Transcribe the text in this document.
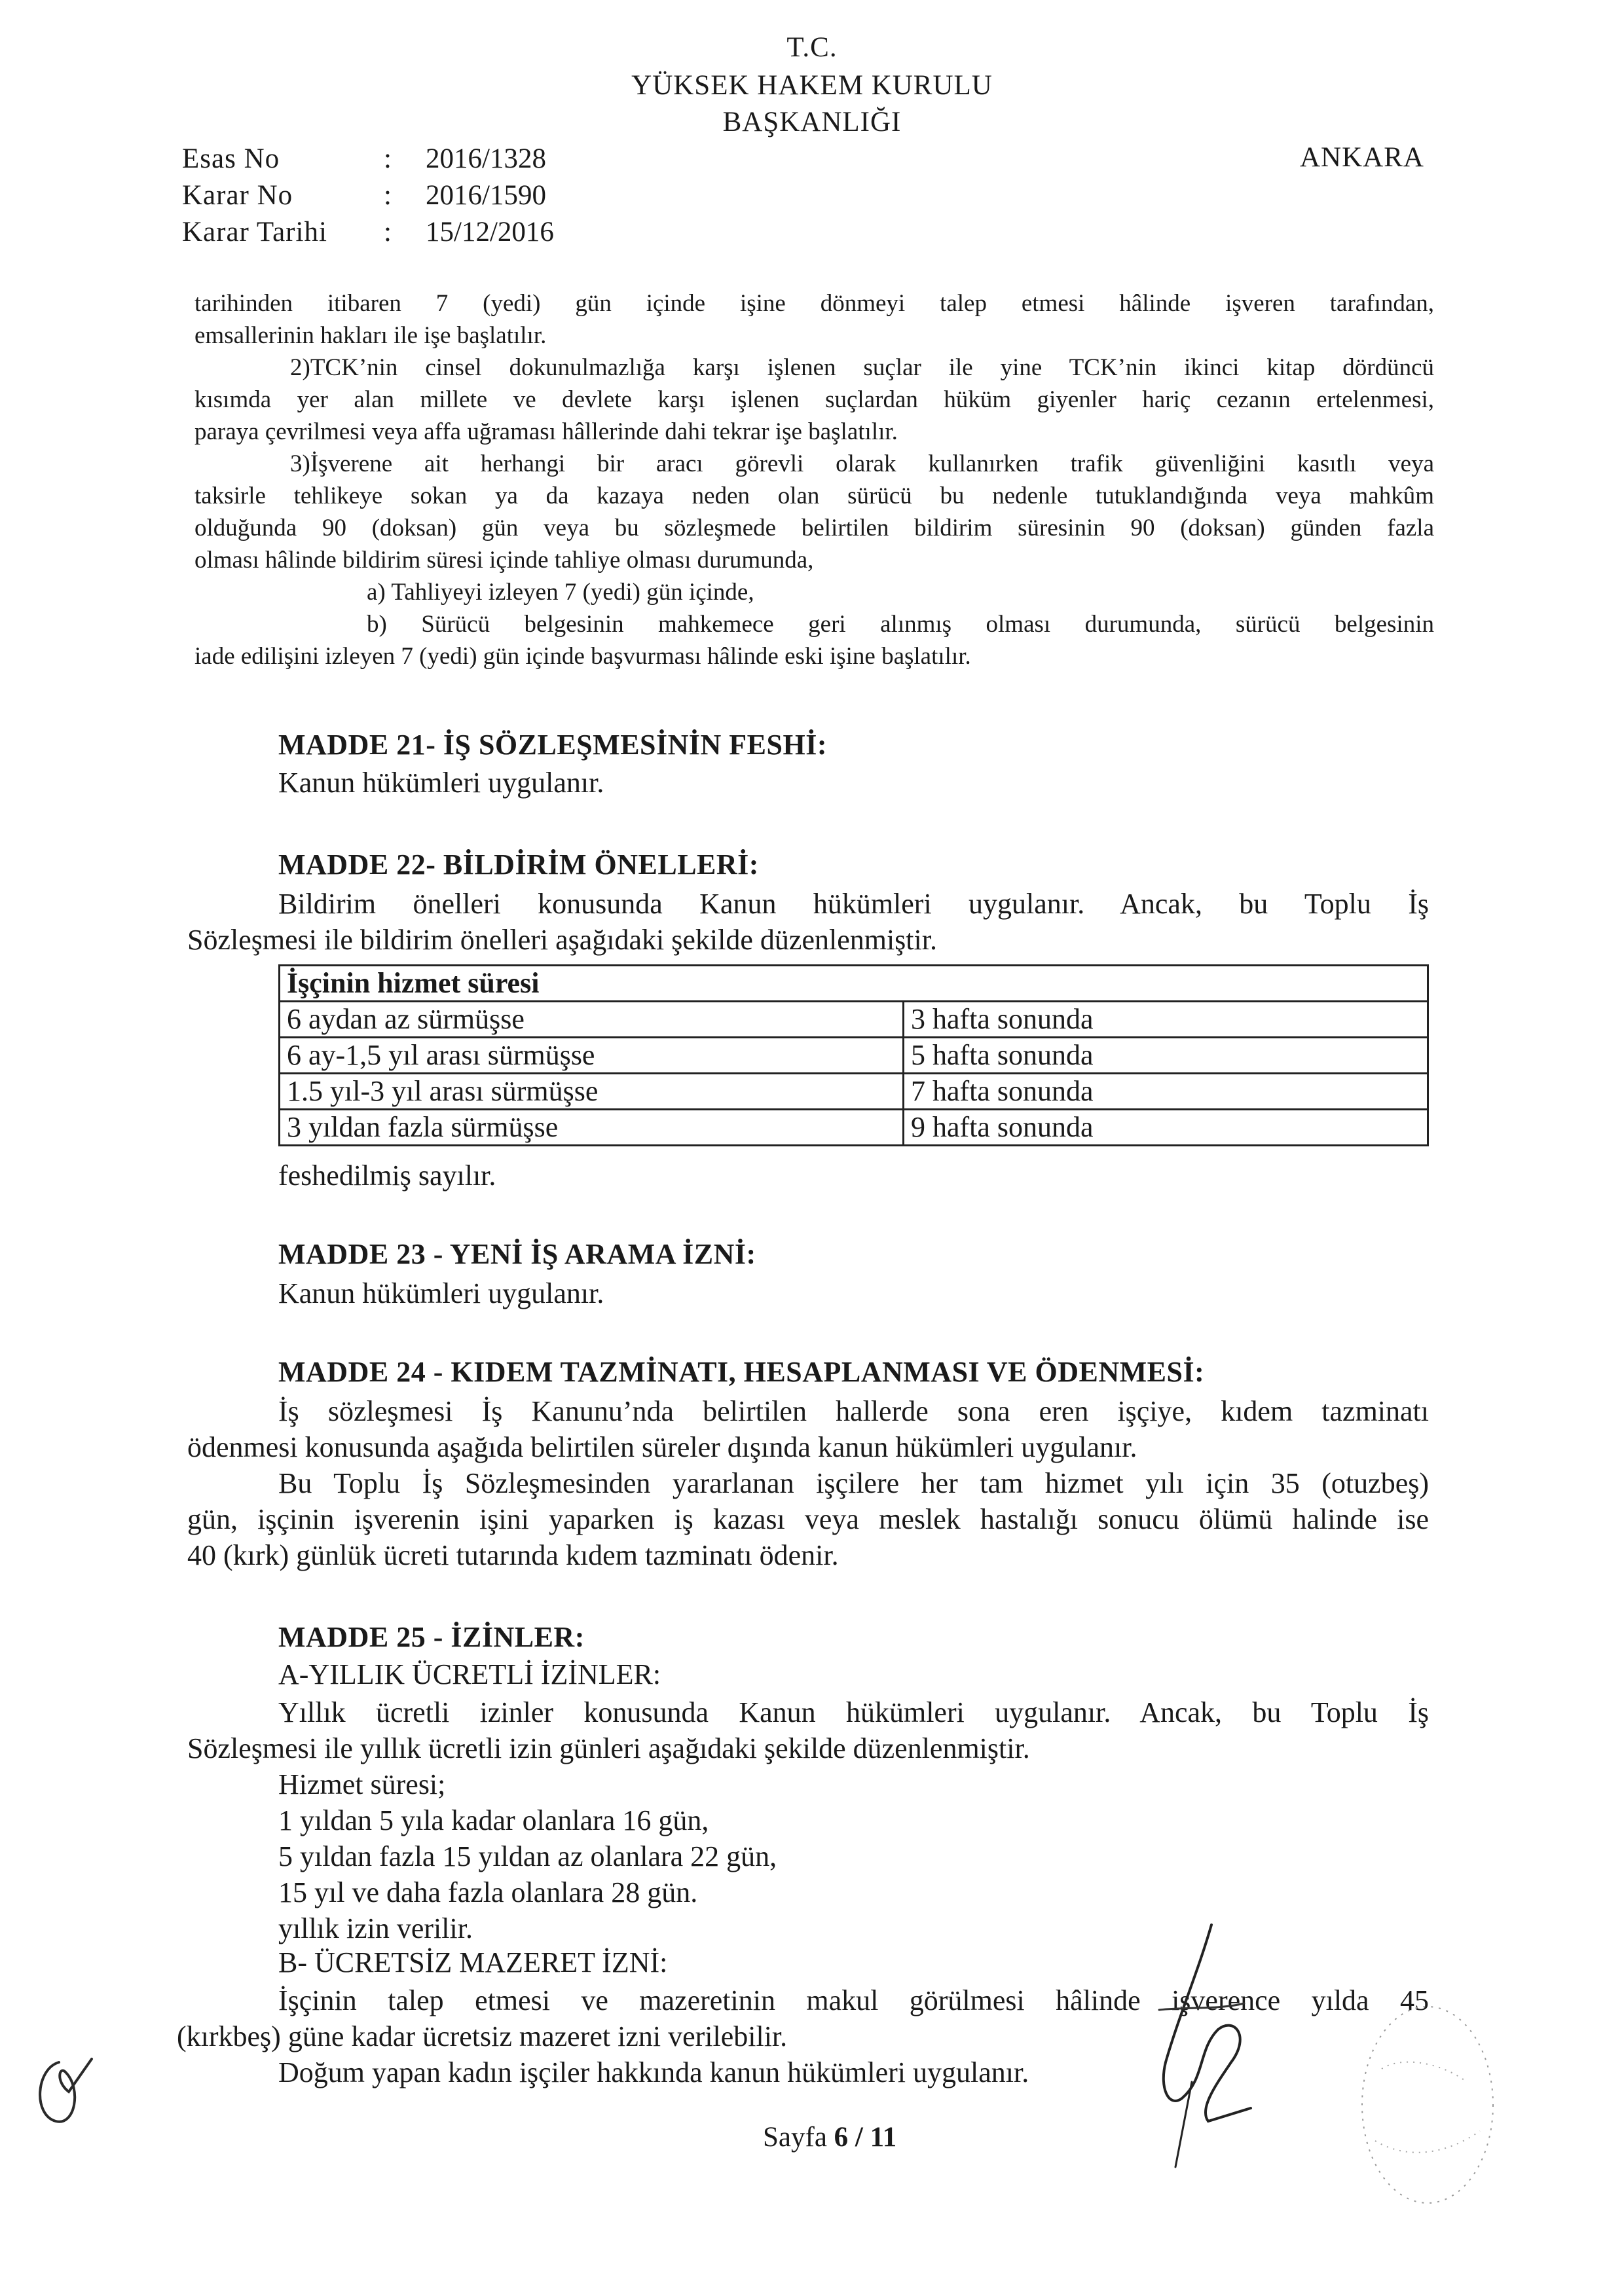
T.C.
YÜKSEK HAKEM KURULU
BAŞKANLIĞI
ANKARA
Esas No	: 2016/1328
Karar No	: 2016/1590
Karar Tarihi : 15/12/2016
tarihinden itibaren 7 (yedi) gün içinde işine dönmeyi talep etmesi hâlinde işveren tarafından,
emsallerinin hakları ile işe başlatılır.
2)TCK’nin cinsel dokunulmazlığa karşı işlenen suçlar ile yine TCK’nin ikinci kitap dördüncü
kısımda yer alan millete ve devlete karşı işlenen suçlardan hüküm giyenler hariç cezanın ertelenmesi,
paraya çevrilmesi veya affa uğraması hâllerinde dahi tekrar işe başlatılır.
3)İşverene ait herhangi bir aracı görevli olarak kullanırken trafik güvenliğini kasıtlı veya
taksirle tehlikeye sokan ya da kazaya neden olan sürücü bu nedenle tutuklandığında veya mahkûm
olduğunda 90 (doksan) gün veya bu sözleşmede belirtilen bildirim süresinin 90 (doksan) günden fazla
olması hâlinde bildirim süresi içinde tahliye olması durumunda,
a) Tahliyeyi izleyen 7 (yedi) gün içinde,
b) Sürücü belgesinin mahkemece geri alınmış olması durumunda, sürücü belgesinin
iade edilişini izleyen 7 (yedi) gün içinde başvurması hâlinde eski işine başlatılır.
MADDE 21- İŞ SÖZLEŞMESİNİN FESHİ:
Kanun hükümleri uygulanır.
MADDE 22- BİLDİRİM ÖNELLERİ:
Bildirim önelleri konusunda Kanun hükümleri uygulanır. Ancak, bu Toplu İş
Sözleşmesi ile bildirim önelleri aşağıdaki şekilde düzenlenmiştir.
İşçinin hizmet süresi	
6 aydan az sürmüşse	3 hafta sonunda
6 ay-1,5 yıl arası sürmüşse	5 hafta sonunda
1.5 yıl-3 yıl arası sürmüşse	7 hafta sonunda
3 yıldan fazla sürmüşse	9 hafta sonunda
feshedilmiş sayılır.
MADDE 23 - YENİ İŞ ARAMA İZNİ:
Kanun hükümleri uygulanır.
MADDE 24 - KIDEM TAZMİNATI, HESAPLANMASI VE ÖDENMESİ:
İş sözleşmesi İş Kanunu’nda belirtilen hallerde sona eren işçiye, kıdem tazminatı
ödenmesi konusunda aşağıda belirtilen süreler dışında kanun hükümleri uygulanır.
Bu Toplu İş Sözleşmesinden yararlanan işçilere her tam hizmet yılı için 35 (otuzbeş)
gün, işçinin işverenin işini yaparken iş kazası veya meslek hastalığı sonucu ölümü halinde ise
40 (kırk) günlük ücreti tutarında kıdem tazminatı ödenir.
MADDE 25 - İZİNLER:
A-YILLIK ÜCRETLİ İZİNLER:
Yıllık ücretli izinler konusunda Kanun hükümleri uygulanır. Ancak, bu Toplu İş
Sözleşmesi ile yıllık ücretli izin günleri aşağıdaki şekilde düzenlenmiştir.
Hizmet süresi;
1 yıldan 5 yıla kadar olanlara 16 gün,
5 yıldan fazla 15 yıldan az olanlara 22 gün,
15 yıl ve daha fazla olanlara 28 gün.
yıllık izin verilir.
B- ÜCRETSİZ MAZERET İZNİ:
İşçinin talep etmesi ve mazeretinin makul görülmesi hâlinde işverence yılda 45
(kırkbeş) güne kadar ücretsiz mazeret izni verilebilir.
Doğum yapan kadın işçiler hakkında kanun hükümleri uygulanır.
Sayfa 6 / 11
